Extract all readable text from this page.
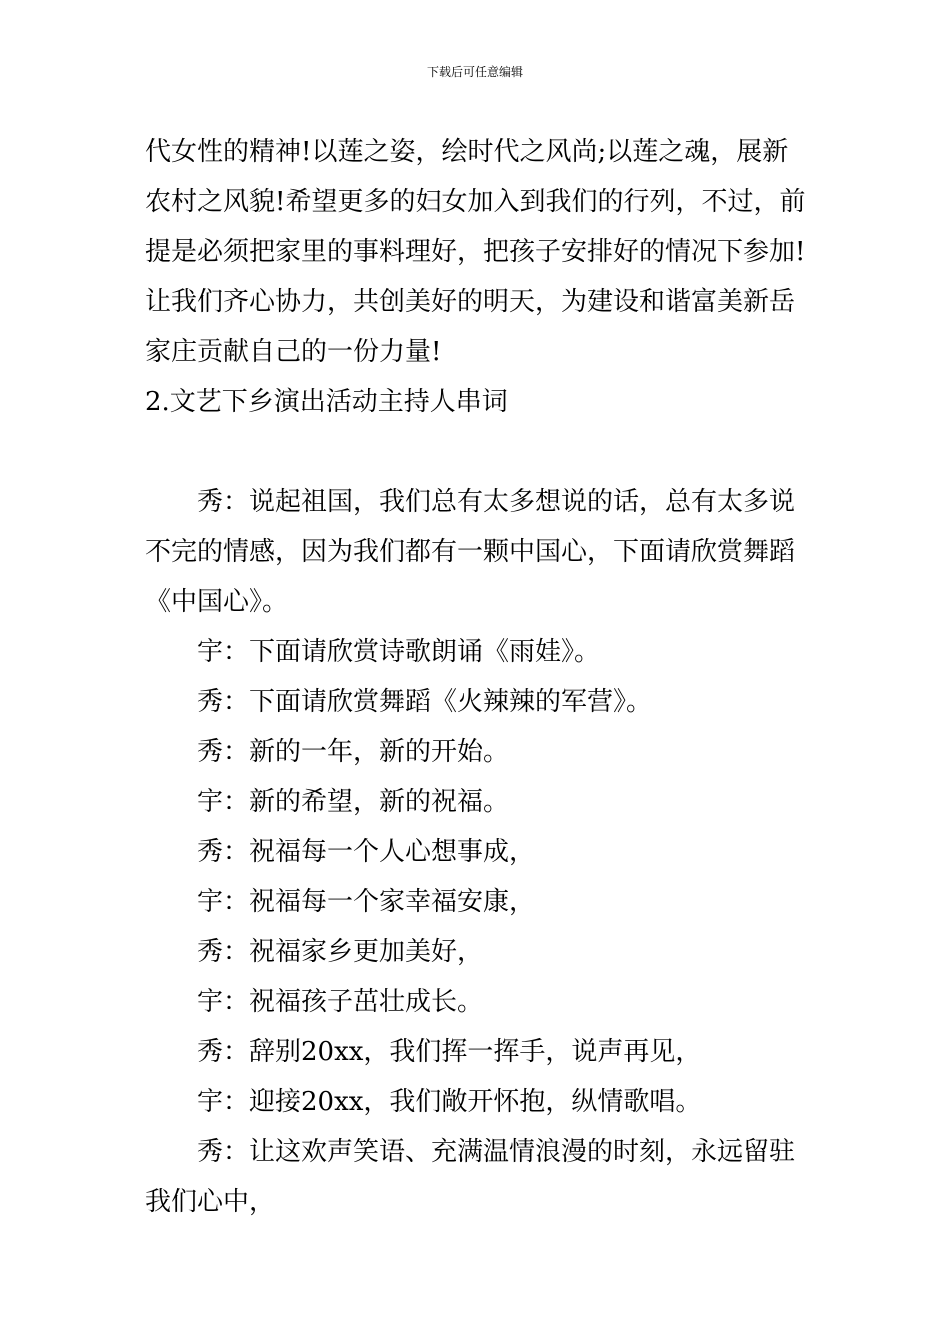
下载后可任意编辑
代女性的精神!以莲之姿，绘时代之风尚;以莲之魂，展新
农村之风貌!希望更多的妇女加入到我们的行列，不过，前
提是必须把家里的事料理好，把孩子安排好的情况下参加!
让我们齐心协力，共创美好的明天，为建设和谐富美新岳
家庄贡献自己的一份力量!
2.文艺下乡演出活动主持人串词
秀：说起祖国，我们总有太多想说的话，总有太多说
不完的情感，因为我们都有一颗中国心，下面请欣赏舞蹈
《中国心》。
宇：下面请欣赏诗歌朗诵《雨娃》。
秀：下面请欣赏舞蹈《火辣辣的军营》。
秀：新的一年，新的开始。
宇：新的希望，新的祝福。
秀：祝福每一个人心想事成，
宇：祝福每一个家幸福安康，
秀：祝福家乡更加美好，
宇：祝福孩子茁壮成长。
秀：辞别20xx，我们挥一挥手，说声再见，
宇：迎接20xx，我们敞开怀抱，纵情歌唱。
秀：让这欢声笑语、充满温情浪漫的时刻，永远留驻
我们心中，
